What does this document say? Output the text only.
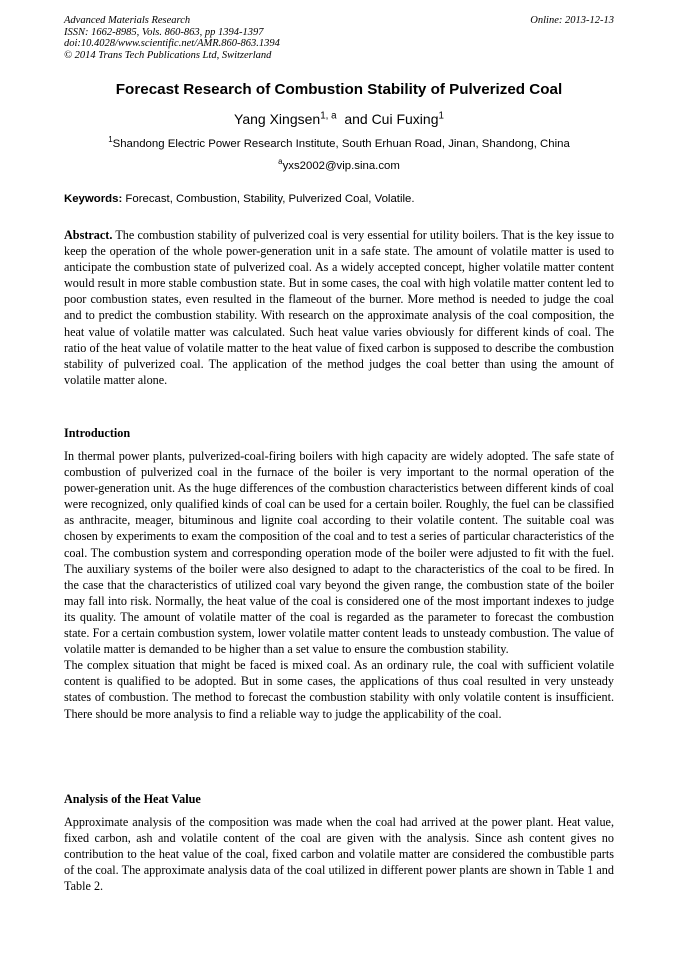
Advanced Materials Research
ISSN: 1662-8985, Vols. 860-863, pp 1394-1397
doi:10.4028/www.scientific.net/AMR.860-863.1394
© 2014 Trans Tech Publications Ltd, Switzerland
Online: 2013-12-13
Forecast Research of Combustion Stability of Pulverized Coal
Yang Xingsen$^{1, a}$ and Cui Fuxing$^1$
$^1$Shandong Electric Power Research Institute, South Erhuan Road, Jinan, Shandong, China
$^a$yxs2002@vip.sina.com
Keywords: Forecast, Combustion, Stability, Pulverized Coal, Volatile.
Abstract. The combustion stability of pulverized coal is very essential for utility boilers. That is the key issue to keep the operation of the whole power-generation unit in a safe state. The amount of volatile matter is used to anticipate the combustion state of pulverized coal. As a widely accepted concept, higher volatile matter content would result in more stable combustion state. But in some cases, the coal with high volatile matter content led to poor combustion states, even resulted in the flameout of the burner. More method is needed to judge the coal and to predict the combustion stability. With research on the approximate analysis of the coal composition, the heat value of volatile matter was calculated. Such heat value varies obviously for different kinds of coal. The ratio of the heat value of volatile matter to the heat value of fixed carbon is supposed to describe the combustion stability of pulverized coal. The application of the method judges the coal better than using the amount of volatile matter alone.
Introduction

In thermal power plants, pulverized-coal-firing boilers with high capacity are widely adopted. The safe state of combustion of pulverized coal in the furnace of the boiler is very important to the normal operation of the power-generation unit. As the huge differences of the combustion characteristics between different kinds of coal were recognized, only qualified kinds of coal can be used for a certain boiler. Roughly, the fuel can be classified as anthracite, meager, bituminous and lignite coal according to their volatile content. The suitable coal was chosen by experiments to exam the composition of the coal and to test a series of particular characteristics of the coal. The combustion system and corresponding operation mode of the boiler were adjusted to fit with the fuel. The auxiliary systems of the boiler were also designed to adapt to the characteristics of the coal to be fired. In the case that the characteristics of utilized coal vary beyond the given range, the combustion state of the boiler may fall into risk. Normally, the heat value of the coal is considered one of the most important indexes to judge its quality. The amount of volatile matter of the coal is regarded as the parameter to forecast the combustion state. For a certain combustion system, lower volatile matter content leads to unsteady combustion. The value of volatile matter is demanded to be higher than a set value to ensure the combustion stability.

The complex situation that might be faced is mixed coal. As an ordinary rule, the coal with sufficient volatile content is qualified to be adopted. But in some cases, the applications of thus coal resulted in very unsteady states of combustion. The method to forecast the combustion stability with only volatile content is insufficient. There should be more analysis to find a reliable way to judge the applicability of the coal.

Analysis of the Heat Value

Approximate analysis of the composition was made when the coal had arrived at the power plant. Heat value, fixed carbon, ash and volatile content of the coal are given with the analysis. Since ash content gives no contribution to the heat value of the coal, fixed carbon and volatile matter are considered the combustible parts of the coal. The approximate analysis data of the coal utilized in different power plants are shown in Table 1 and Table 2.
